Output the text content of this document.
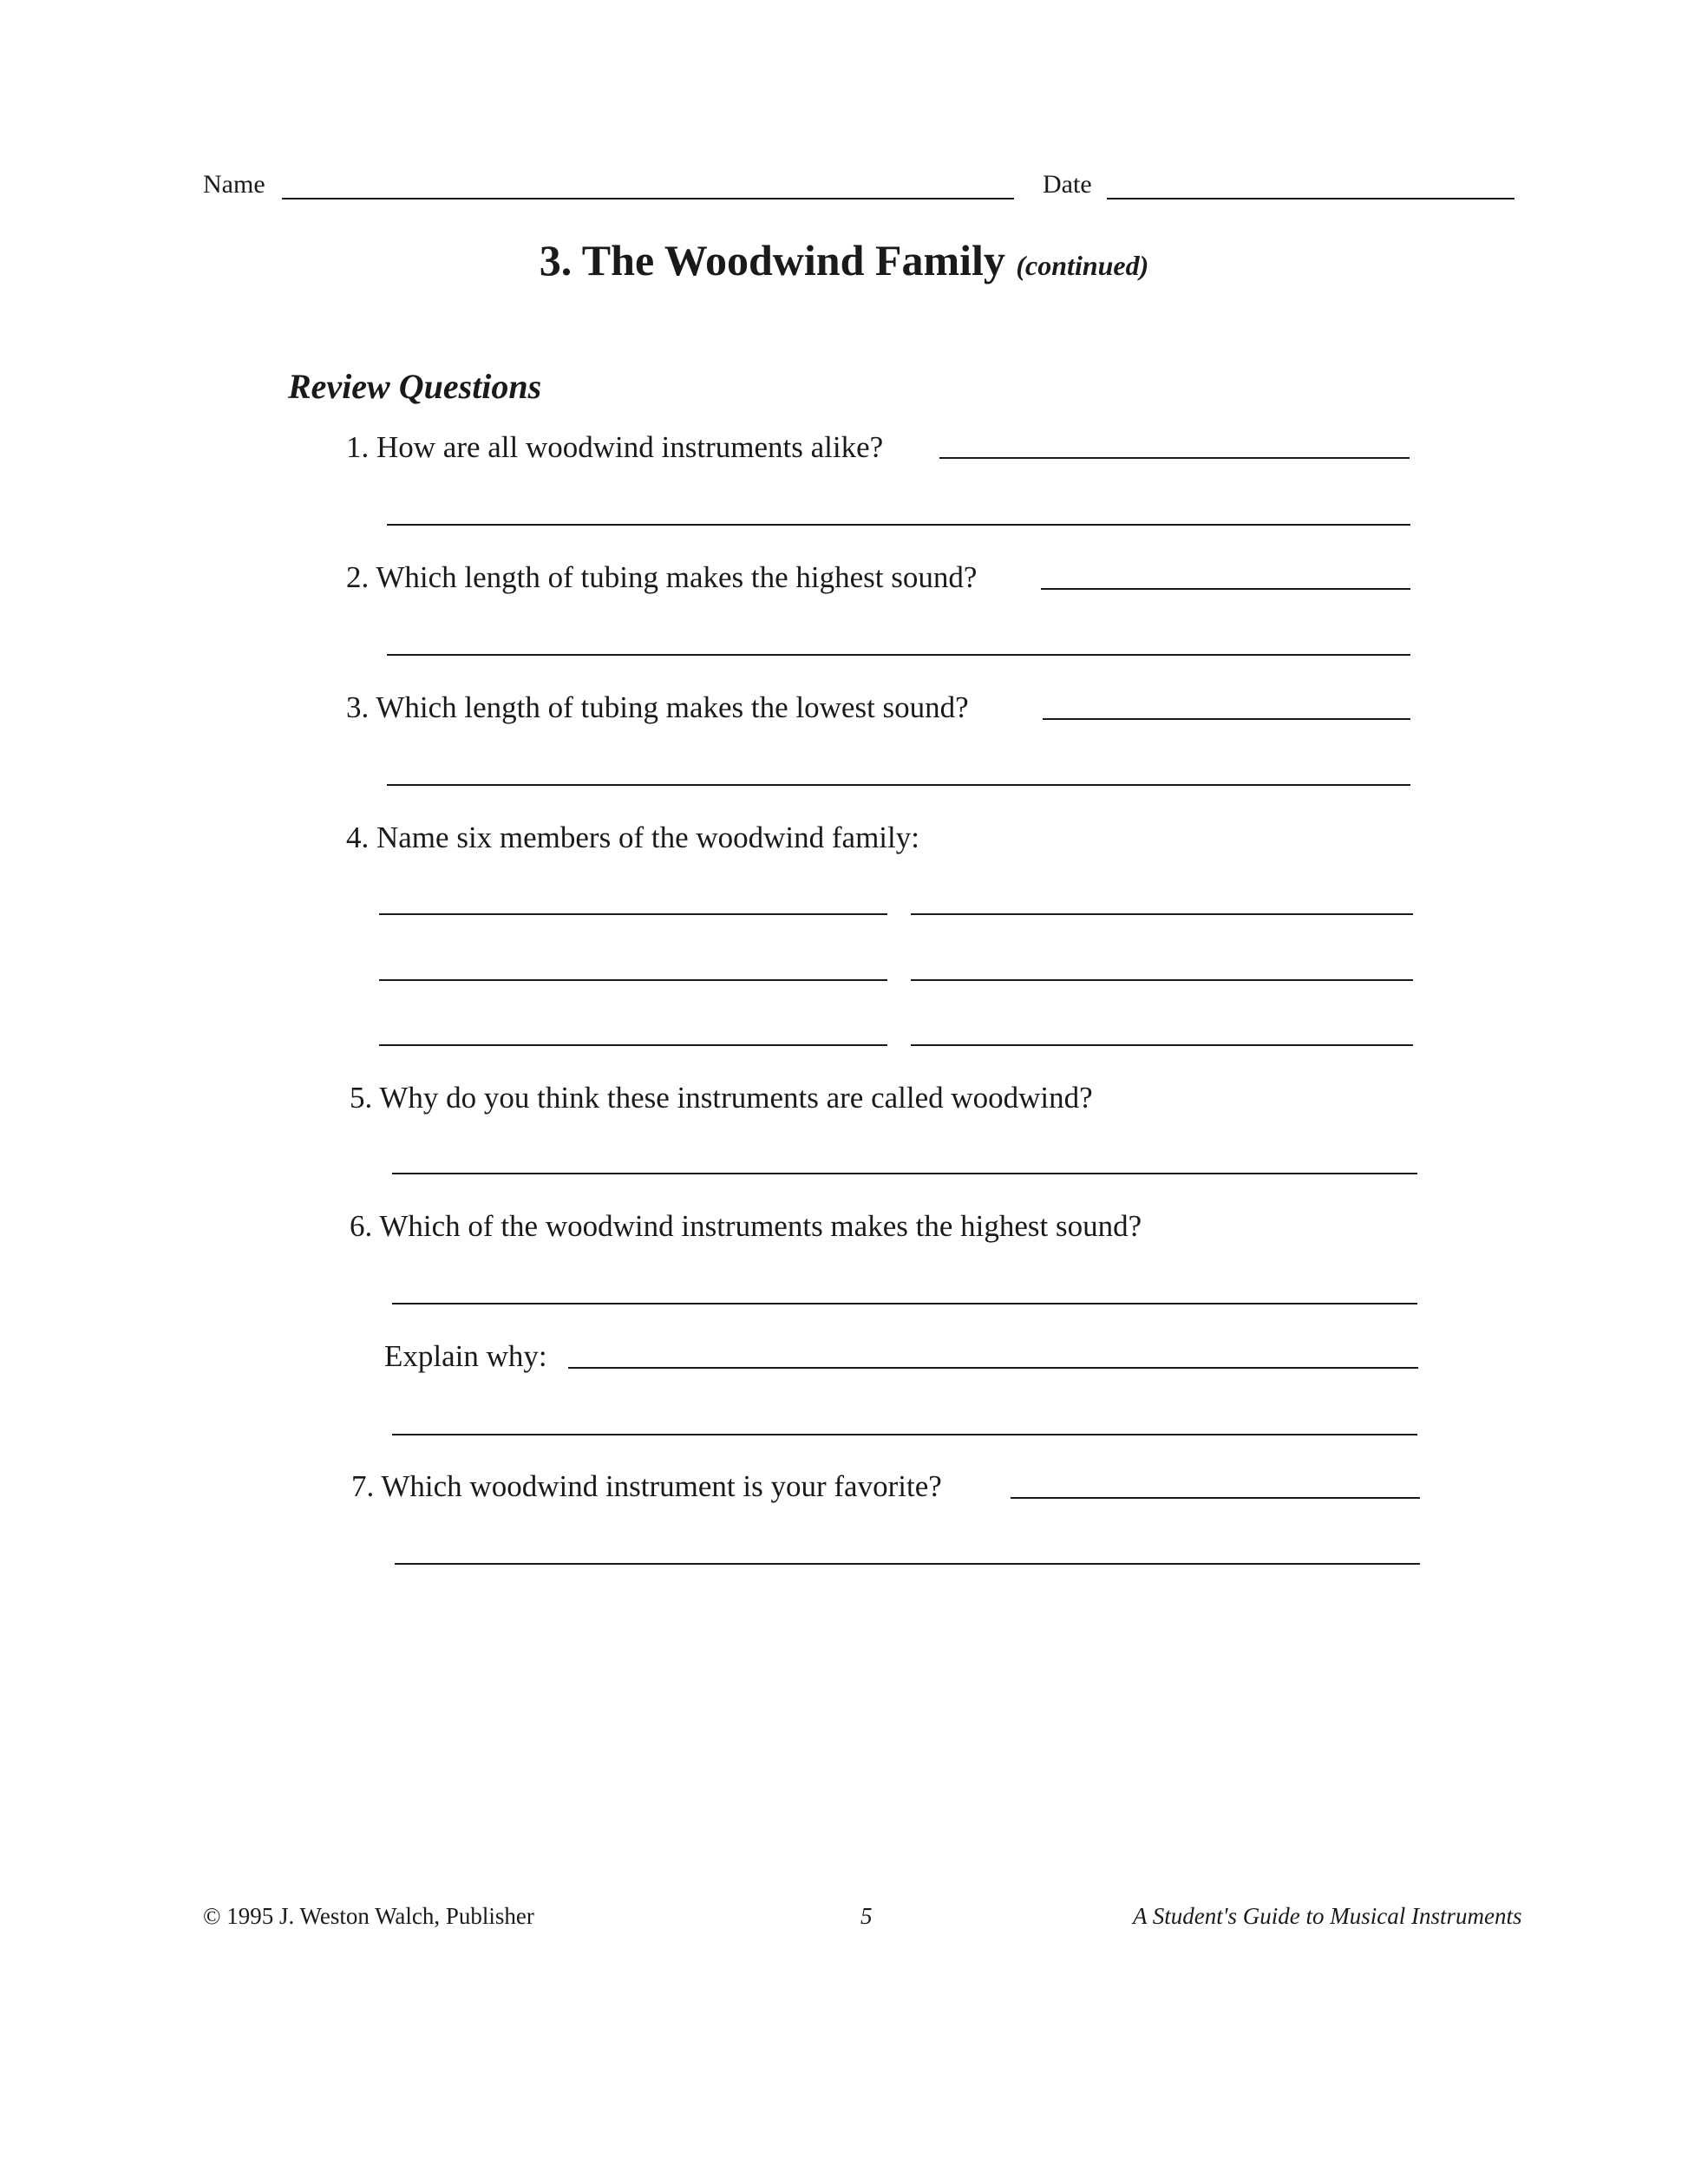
Name	Date
3. The Woodwind Family (continued)
Review Questions
1. How are all woodwind instruments alike?
2. Which length of tubing makes the highest sound?
3. Which length of tubing makes the lowest sound?
4. Name six members of the woodwind family:
5. Why do you think these instruments are called woodwind?
6. Which of the woodwind instruments makes the highest sound?
Explain why:
7. Which woodwind instrument is your favorite?
© 1995 J. Weston Walch, Publisher	5	A Student's Guide to Musical Instruments
